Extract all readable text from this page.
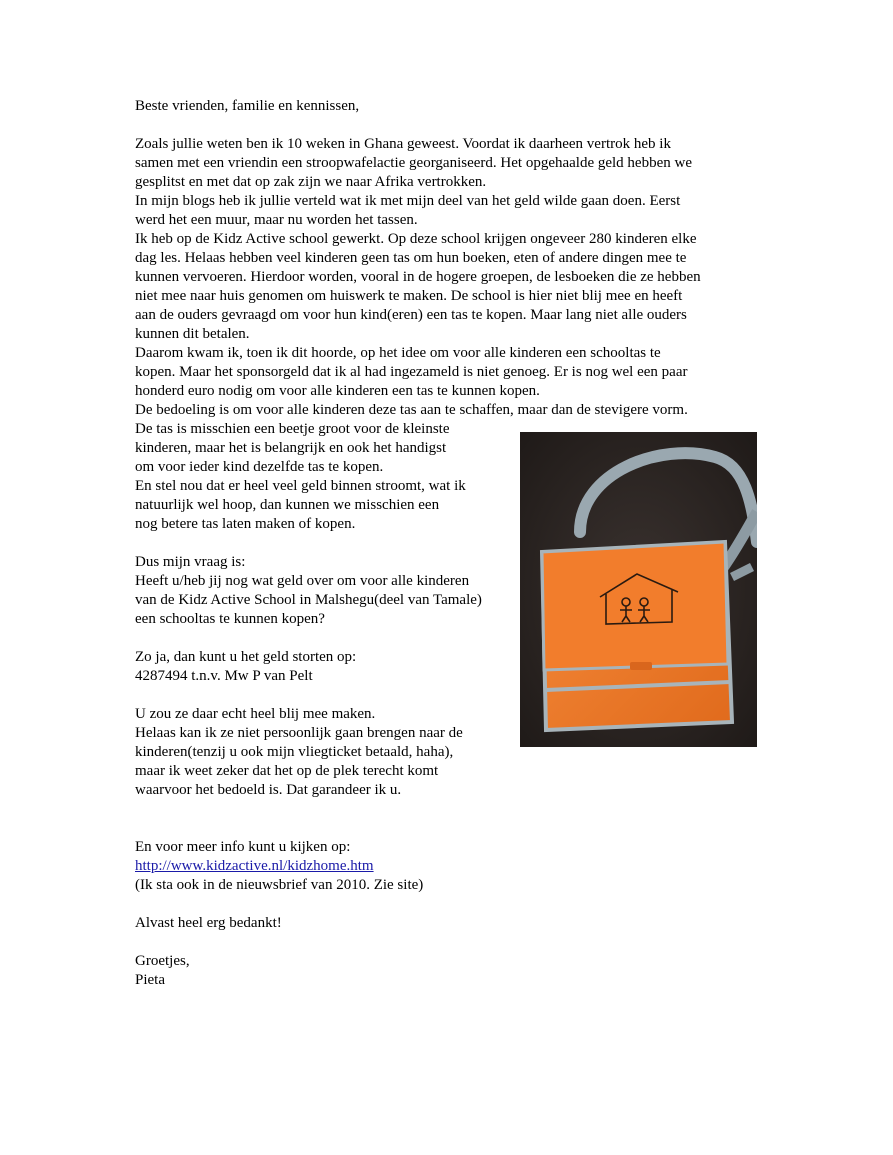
Beste vrienden, familie en kennissen,
Zoals jullie weten ben ik 10 weken in Ghana geweest. Voordat ik daarheen vertrok heb ik
samen met een vriendin een stroopwafelactie georganiseerd. Het opgehaalde geld hebben we
gesplitst en met dat op zak zijn we naar Afrika vertrokken.
In mijn blogs heb ik jullie verteld wat ik met mijn deel van het geld wilde gaan doen. Eerst
werd het een muur, maar nu worden het tassen.
Ik heb op de Kidz Active school gewerkt. Op deze school krijgen ongeveer 280 kinderen elke
dag les. Helaas hebben veel kinderen geen tas om hun boeken, eten of andere dingen mee te
kunnen vervoeren. Hierdoor worden, vooral in de hogere groepen, de lesboeken die ze hebben
niet mee naar huis genomen om huiswerk te maken. De school is hier niet blij mee en heeft
aan de ouders gevraagd om voor hun kind(eren) een tas te kopen. Maar lang niet alle ouders
kunnen dit betalen.
Daarom kwam ik, toen ik dit hoorde, op het idee om voor alle kinderen een schooltas te
kopen. Maar het sponsorgeld dat ik al had ingezameld is niet genoeg. Er is nog wel een paar
honderd euro nodig om voor alle kinderen een tas te kunnen kopen.
De bedoeling is om voor alle kinderen deze tas aan te schaffen, maar dan de stevigere vorm.
De tas is misschien een beetje groot voor de kleinste
kinderen, maar het is belangrijk en ook het handigst
om voor ieder kind dezelfde tas te kopen.
En stel nou dat er heel veel geld binnen stroomt, wat ik
natuurlijk wel hoop, dan kunnen we misschien een
nog betere tas laten maken of kopen.
Dus mijn vraag is:
Heeft u/heb jij nog wat geld over om voor alle kinderen
van de Kidz Active School in Malshegu(deel van Tamale)
een schooltas te kunnen kopen?
Zo ja, dan kunt u het geld storten op:
4287494 t.n.v. Mw P van Pelt
U zou ze daar echt heel blij mee maken.
Helaas kan ik ze niet persoonlijk gaan brengen naar de
kinderen(tenzij u ook mijn vliegticket betaald, haha),
maar ik weet zeker dat het op de plek terecht komt
waarvoor het bedoeld is. Dat garandeer ik u.
En voor meer info kunt u kijken op:
http://www.kidzactive.nl/kidzhome.htm
(Ik sta ook in de nieuwsbrief van 2010. Zie site)
Alvast heel erg bedankt!
Groetjes,
Pieta
